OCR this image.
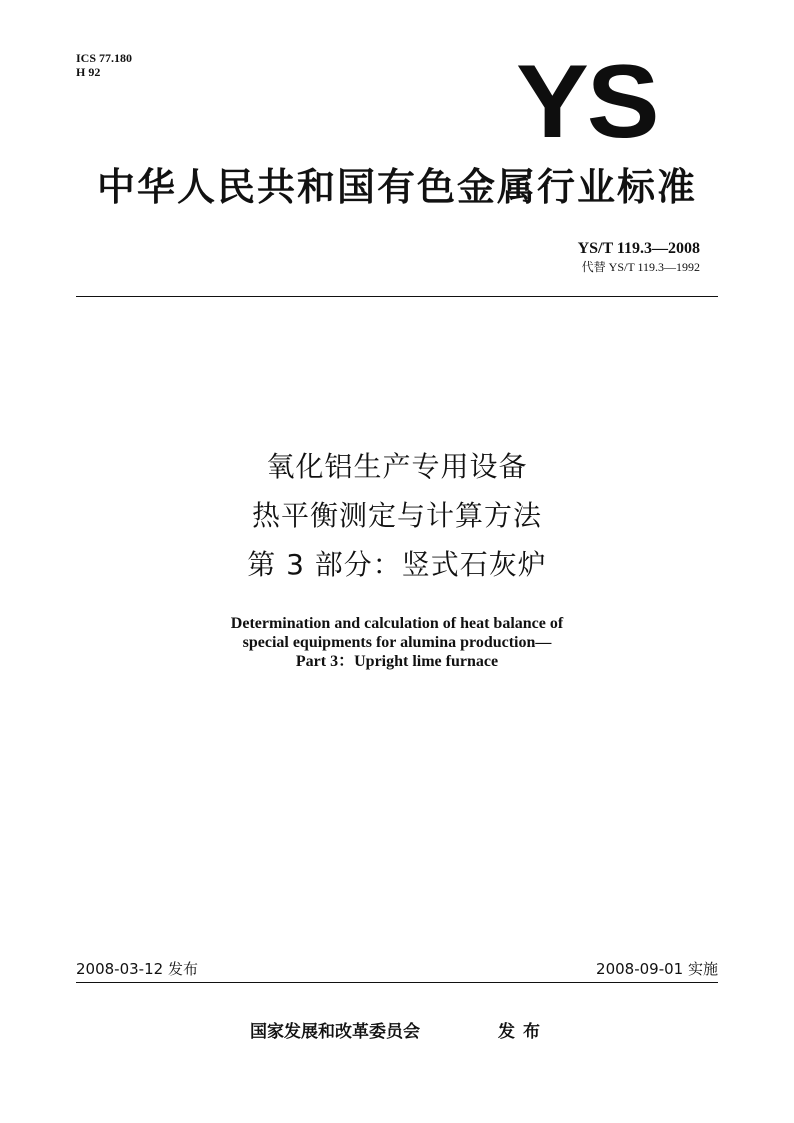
ICS 77.180
H 92	YS
中华人民共和国有色金属行业标准
YS/T 119.3—2008
代替 YS/T 119.3—1992
氧化铝生产专用设备
热平衡测定与计算方法
第 3 部分：竖式石灰炉
Determination and calculation of heat balance of
special equipments for alumina production—
Part 3：Upright lime furnace
2008-03-12 发布	2008-09-01 实施
国家发展和改革委员会	发布
